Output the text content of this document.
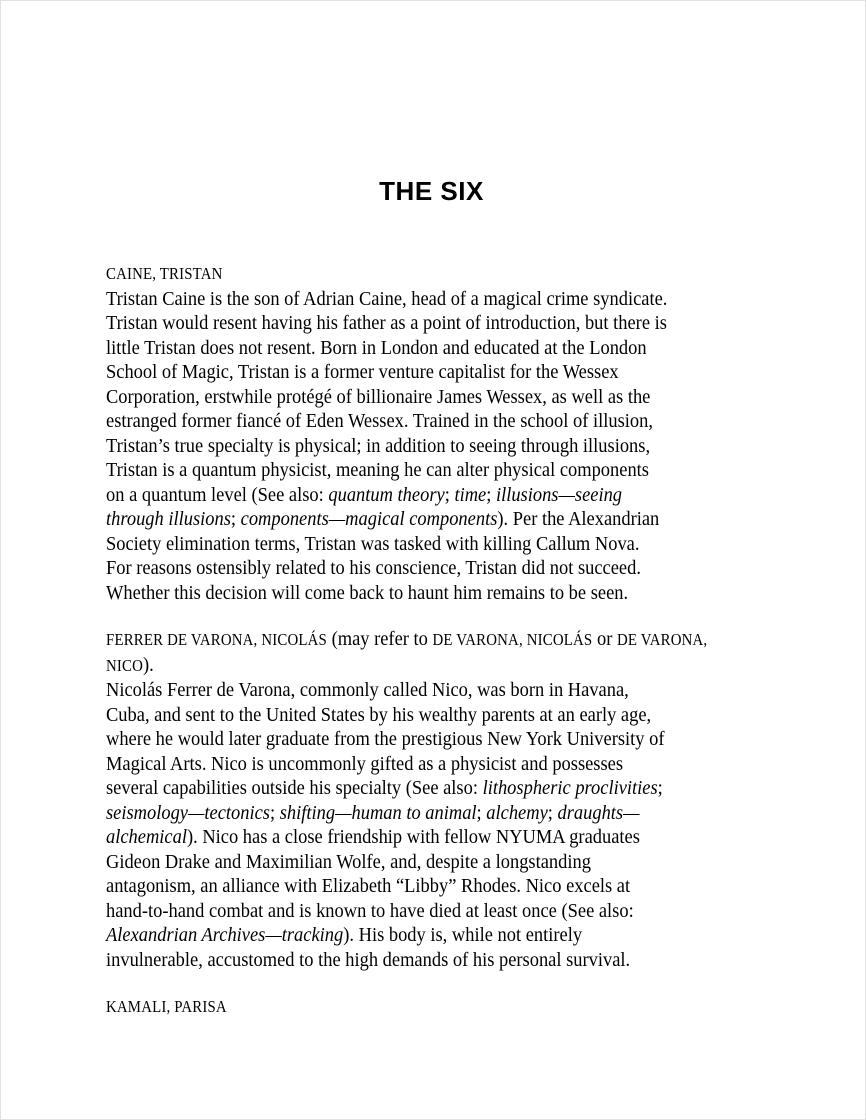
THE SIX
CAINE, TRISTAN
Tristan Caine is the son of Adrian Caine, head of a magical crime syndicate.
Tristan would resent having his father as a point of introduction, but there is
little Tristan does not resent. Born in London and educated at the London
School of Magic, Tristan is a former venture capitalist for the Wessex
Corporation, erstwhile protégé of billionaire James Wessex, as well as the
estranged former fiancé of Eden Wessex. Trained in the school of illusion,
Tristan’s true specialty is physical; in addition to seeing through illusions,
Tristan is a quantum physicist, meaning he can alter physical components
on a quantum level (See also: quantum theory; time; illusions—seeing
through illusions; components—magical components). Per the Alexandrian
Society elimination terms, Tristan was tasked with killing Callum Nova.
For reasons ostensibly related to his conscience, Tristan did not succeed.
Whether this decision will come back to haunt him remains to be seen.
FERRER DE VARONA, NICOLÁS (may refer to DE VARONA, NICOLÁS or DE VARONA,
NICO).
Nicolás Ferrer de Varona, commonly called Nico, was born in Havana,
Cuba, and sent to the United States by his wealthy parents at an early age,
where he would later graduate from the prestigious New York University of
Magical Arts. Nico is uncommonly gifted as a physicist and possesses
several capabilities outside his specialty (See also: lithospheric proclivities;
seismology—tectonics; shifting—human to animal; alchemy; draughts—
alchemical). Nico has a close friendship with fellow NYUMA graduates
Gideon Drake and Maximilian Wolfe, and, despite a longstanding
antagonism, an alliance with Elizabeth “Libby” Rhodes. Nico excels at
hand-to-hand combat and is known to have died at least once (See also:
Alexandrian Archives—tracking). His body is, while not entirely
invulnerable, accustomed to the high demands of his personal survival.
KAMALI, PARISA
